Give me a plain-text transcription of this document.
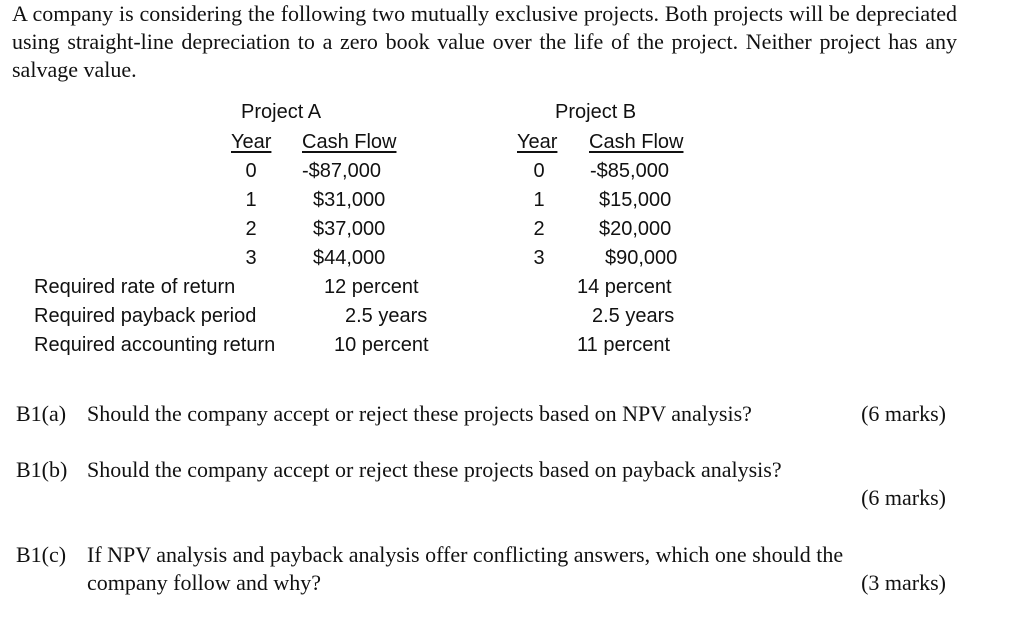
A company is considering the following two mutually exclusive projects. Both projects will be depreciated using straight-line depreciation to a zero book value over the life of the project. Neither project has any salvage value.
Project A
Year Cash Flow
0 -$87,000
1	$31,000
2	$37,000
3	$44,000
Project B
Year Cash Flow
0 -$85,000
1	$15,000
2	$20,000
3	$90,000
Required rate of return	12 percent	14 percent
Required payback period	2.5 years	2.5 years
Required accounting return	10 percent	11 percent
B1(a) Should the company accept or reject these projects based on NPV analysis?	(6 marks)
B1(b) Should the company accept or reject these projects based on payback analysis?
(6 marks)
B1(c) If NPV analysis and payback analysis offer conflicting answers, which one should the
company follow and why?	(3 marks)
